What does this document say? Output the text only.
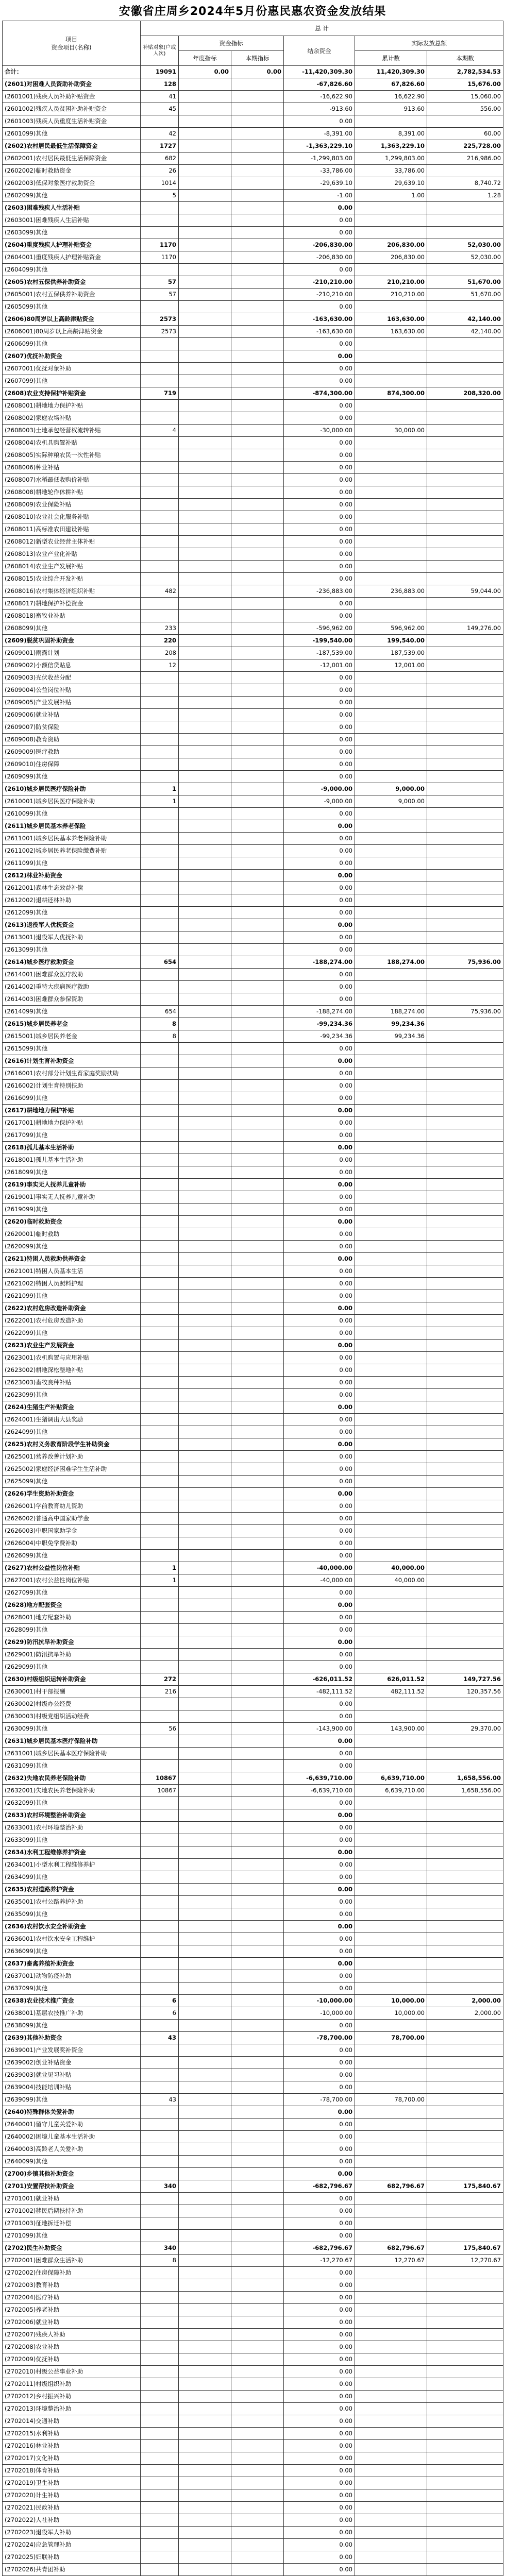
安徽省庄周乡2024年5月份惠民惠农资金发放结果
项目
资金项目(名称)	总 计					
	补贴对象(户或人次)	资金指标		结余资金	实际发放总额	
		年度指标	本期指标		累计数	本期数
合计：	19091	0.00	0.00	-11,420,309.30	11,420,309.30	2,782,534.53
(2601)对困难人员资助补助资金	128			-67,826.60	67,826.60	15,676.00
(2601001)残疾人员补助补贴资金	41			-16,622.90	16,622.90	15,060.00
(2601002)残疾人员贫困补助补贴资金	45			-913.60	913.60	556.00
(2601003)残疾人员重度生活补贴资金				0.00		
(2601099)其他	42			-8,391.00	8,391.00	60.00
(2602)农村居民最低生活保障资金	1727			-1,363,229.10	1,363,229.10	225,728.00
(2602001)农村居民最低生活保障资金	682			-1,299,803.00	1,299,803.00	216,986.00
(2602002)临时救助资金	26			-33,786.00	33,786.00	
(2602003)低保对象医疗救助资金	1014			-29,639.10	29,639.10	8,740.72
(2602099)其他	5			-1.00	1.00	1.28
(2603)困难残疾人生活补贴				0.00		
(2603001)困难残疾人生活补贴				0.00		
(2603099)其他				0.00		
(2604)重度残疾人护理补贴资金	1170			-206,830.00	206,830.00	52,030.00
(2604001)重度残疾人护理补贴资金	1170			-206,830.00	206,830.00	52,030.00
(2604099)其他				0.00		
(2605)农村五保供养补助资金	57			-210,210.00	210,210.00	51,670.00
(2605001)农村五保供养补助资金	57			-210,210.00	210,210.00	51,670.00
(2605099)其他				0.00		
(2606)80周岁以上高龄津贴资金	2573			-163,630.00	163,630.00	42,140.00
(2606001)80周岁以上高龄津贴资金	2573			-163,630.00	163,630.00	42,140.00
(2606099)其他				0.00		
(2607)优抚补助资金				0.00		
(2607001)优抚对象补助				0.00		
(2607099)其他				0.00		
(2608)农业支持保护补贴资金	719			-874,300.00	874,300.00	208,320.00
(2608001)耕地地力保护补贴				0.00		
(2608002)家庭农场补贴				0.00		
(2608003)土地承包经营权流转补贴	4			-30,000.00	30,000.00	
(2608004)农机具购置补贴				0.00		
(2608005)实际种粮农民一次性补贴				0.00		
(2608006)种业补贴				0.00		
(2608007)水稻最低收购价补贴				0.00		
(2608008)耕地轮作休耕补贴				0.00		
(2608009)农业保险补贴				0.00		
(2608010)农业社会化服务补贴				0.00		
(2608011)高标准农田建设补贴				0.00		
(2608012)新型农业经营主体补贴				0.00		
(2608013)农业产业化补贴				0.00		
(2608014)农业生产发展补贴				0.00		
(2608015)农业综合开发补贴				0.00		
(2608016)农村集体经济组织补贴	482			-236,883.00	236,883.00	59,044.00
(2608017)耕地保护补偿资金				0.00		
(2608018)畜牧业补贴				0.00		
(2608099)其他	233			-596,962.00	596,962.00	149,276.00
(2609)脱贫巩固补助资金	220			-199,540.00	199,540.00	
(2609001)雨露计划	208			-187,539.00	187,539.00	
(2609002)小额信贷贴息	12			-12,001.00	12,001.00	
(2609003)光伏收益分配				0.00		
(2609004)公益岗位补贴				0.00		
(2609005)产业发展补贴				0.00		
(2609006)就业补贴				0.00		
(2609007)防贫保险				0.00		
(2609008)教育资助				0.00		
(2609009)医疗救助				0.00		
(2609010)住房保障				0.00		
(2609099)其他				0.00		
(2610)城乡居民医疗保险补助	1			-9,000.00	9,000.00	
(2610001)城乡居民医疗保险补助	1			-9,000.00	9,000.00	
(2610099)其他				0.00		
(2611)城乡居民基本养老保险				0.00		
(2611001)城乡居民基本养老保险补助				0.00		
(2611002)城乡居民养老保险缴费补贴				0.00		
(2611099)其他				0.00		
(2612)林业补助资金				0.00		
(2612001)森林生态效益补偿				0.00		
(2612002)退耕还林补助				0.00		
(2612099)其他				0.00		
(2613)退役军人优抚资金				0.00		
(2613001)退役军人优抚补助				0.00		
(2613099)其他				0.00		
(2614)城乡医疗救助资金	654			-188,274.00	188,274.00	75,936.00
(2614001)困难群众医疗救助				0.00		
(2614002)重特大疾病医疗救助				0.00		
(2614003)困难群众参保资助				0.00		
(2614099)其他	654			-188,274.00	188,274.00	75,936.00
(2615)城乡居民养老金	8			-99,234.36	99,234.36	
(2615001)城乡居民养老金	8			-99,234.36	99,234.36	
(2615099)其他				0.00		
(2616)计划生育补助资金				0.00		
(2616001)农村部分计划生育家庭奖励扶助				0.00		
(2616002)计划生育特别扶助				0.00		
(2616099)其他				0.00		
(2617)耕地地力保护补贴				0.00		
(2617001)耕地地力保护补贴				0.00		
(2617099)其他				0.00		
(2618)孤儿基本生活补助				0.00		
(2618001)孤儿基本生活补助				0.00		
(2618099)其他				0.00		
(2619)事实无人抚养儿童补助				0.00		
(2619001)事实无人抚养儿童补助				0.00		
(2619099)其他				0.00		
(2620)临时救助资金				0.00		
(2620001)临时救助				0.00		
(2620099)其他				0.00		
(2621)特困人员救助供养资金				0.00		
(2621001)特困人员基本生活				0.00		
(2621002)特困人员照料护理				0.00		
(2621099)其他				0.00		
(2622)农村危房改造补助资金				0.00		
(2622001)农村危房改造补助				0.00		
(2622099)其他				0.00		
(2623)农业生产发展资金				0.00		
(2623001)农机购置与应用补贴				0.00		
(2623002)耕地深松整地补贴				0.00		
(2623003)畜牧良种补贴				0.00		
(2623099)其他				0.00		
(2624)生猪生产补贴资金				0.00		
(2624001)生猪调出大县奖励				0.00		
(2624099)其他				0.00		
(2625)农村义务教育阶段学生补助资金				0.00		
(2625001)营养改善计划补助				0.00		
(2625002)家庭经济困难学生生活补助				0.00		
(2625099)其他				0.00		
(2626)学生资助补助资金				0.00		
(2626001)学前教育幼儿资助				0.00		
(2626002)普通高中国家助学金				0.00		
(2626003)中职国家助学金				0.00		
(2626004)中职免学费补助				0.00		
(2626099)其他				0.00		
(2627)农村公益性岗位补贴	1			-40,000.00	40,000.00	
(2627001)农村公益性岗位补贴	1			-40,000.00	40,000.00	
(2627099)其他				0.00		
(2628)地方配套资金				0.00		
(2628001)地方配套补助				0.00		
(2628099)其他				0.00		
(2629)防汛抗旱补助资金				0.00		
(2629001)防汛抗旱补助				0.00		
(2629099)其他				0.00		
(2630)村级组织运转补助资金	272			-626,011.52	626,011.52	149,727.56
(2630001)村干部报酬	216			-482,111.52	482,111.52	120,357.56
(2630002)村级办公经费				0.00		
(2630003)村级党组织活动经费				0.00		
(2630099)其他	56			-143,900.00	143,900.00	29,370.00
(2631)城乡居民基本医疗保险补助				0.00		
(2631001)城乡居民基本医疗保险补助				0.00		
(2631099)其他				0.00		
(2632)失地农民养老保险补助	10867			-6,639,710.00	6,639,710.00	1,658,556.00
(2632001)失地农民养老保险补助	10867			-6,639,710.00	6,639,710.00	1,658,556.00
(2632099)其他				0.00		
(2633)农村环境整治补助资金				0.00		
(2633001)农村环境整治补助				0.00		
(2633099)其他				0.00		
(2634)水利工程维修养护资金				0.00		
(2634001)小型水利工程维修养护				0.00		
(2634099)其他				0.00		
(2635)农村道路养护资金				0.00		
(2635001)农村公路养护补助				0.00		
(2635099)其他				0.00		
(2636)农村饮水安全补助资金				0.00		
(2636001)农村饮水安全工程维护				0.00		
(2636099)其他				0.00		
(2637)畜禽养殖补助资金				0.00		
(2637001)动物防疫补助				0.00		
(2637099)其他				0.00		
(2638)农业技术推广资金	6			-10,000.00	10,000.00	2,000.00
(2638001)基层农技推广补助	6			-10,000.00	10,000.00	2,000.00
(2638099)其他				0.00		
(2639)其他补助资金	43			-78,700.00	78,700.00	
(2639001)产业发展奖补资金				0.00		
(2639002)创业补贴资金				0.00		
(2639003)就业见习补贴				0.00		
(2639004)技能培训补贴				0.00		
(2639099)其他	43			-78,700.00	78,700.00	
(2640)特殊群体关爱补助				0.00		
(2640001)留守儿童关爱补助				0.00		
(2640002)困境儿童基本生活补助				0.00		
(2640003)高龄老人关爱补助				0.00		
(2640099)其他				0.00		
(2700)乡镇其他补助资金				0.00		
(2701)安置帮扶补助资金	340			-682,796.67	682,796.67	175,840.67
(2701001)就业补助				0.00		
(2701002)移民后期扶持补助				0.00		
(2701003)征地拆迁补偿				0.00		
(2701099)其他				0.00		
(2702)民生补助资金	340			-682,796.67	682,796.67	175,840.67
(2702001)困难群众生活补助	8			-12,270.67	12,270.67	12,270.67
(2702002)住房保障补助				0.00		
(2702003)教育补助				0.00		
(2702004)医疗补助				0.00		
(2702005)养老补助				0.00		
(2702006)就业补助				0.00		
(2702007)残疾人补助				0.00		
(2702008)农业补助				0.00		
(2702009)优抚补助				0.00		
(2702010)村级公益事业补助				0.00		
(2702011)村级组织补助				0.00		
(2702012)乡村振兴补助				0.00		
(2702013)环境整治补助				0.00		
(2702014)交通补助				0.00		
(2702015)水利补助				0.00		
(2702016)林业补助				0.00		
(2702017)文化补助				0.00		
(2702018)体育补助				0.00		
(2702019)卫生补助				0.00		
(2702020)计生补助				0.00		
(2702021)民政补助				0.00		
(2702022)人社补助				0.00		
(2702023)退役军人补助				0.00		
(2702024)应急管理补助				0.00		
(2702025)妇联补助				0.00		
(2702026)共青团补助				0.00		
